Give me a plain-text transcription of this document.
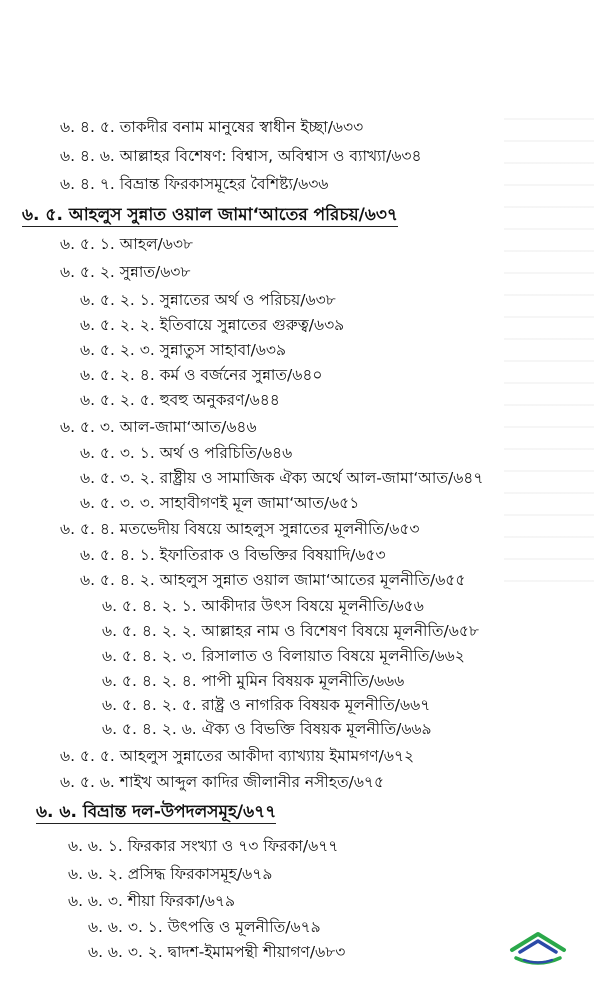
৬. ৪. ৫. তাকদীর বনাম মানুষের স্বাধীন ইচ্ছা/৬৩৩
৬. ৪. ৬. আল্লাহর বিশেষণ: বিশ্বাস, অবিশ্বাস ও ব্যাখ্যা/৬৩৪
৬. ৪. ৭. বিভ্রান্ত ফিরকাসমূহের বৈশিষ্ট্য/৬৩৬
৬. ৫. আহলুস সুন্নাত ওয়াল জামা‘আতের পরিচয়/৬৩৭
৬. ৫. ১. আহল/৬৩৮
৬. ৫. ২. সুন্নাত/৬৩৮
৬. ৫. ২. ১. সুন্নাতের অর্থ ও পরিচয়/৬৩৮
৬. ৫. ২. ২. ইতিবায়ে সুন্নাতের গুরুত্ব/৬৩৯
৬. ৫. ২. ৩. সুন্নাতুস সাহাবা/৬৩৯
৬. ৫. ২. ৪. কর্ম ও বর্জনের সুন্নাত/৬৪০
৬. ৫. ২. ৫. হুবহু অনুকরণ/৬৪৪
৬. ৫. ৩. আল-জামা‘আত/৬৪৬
৬. ৫. ৩. ১. অর্থ ও পরিচিতি/৬৪৬
৬. ৫. ৩. ২. রাষ্ট্রীয় ও সামাজিক ঐক্য অর্থে আল-জামা‘আত/৬৪৭
৬. ৫. ৩. ৩. সাহাবীগণই মূল জামা‘আত/৬৫১
৬. ৫. ৪. মতভেদীয় বিষয়ে আহলুস সুন্নাতের মূলনীতি/৬৫৩
৬. ৫. ৪. ১. ইফাতিরাক ও বিভক্তির বিষয়াদি/৬৫৩
৬. ৫. ৪. ২. আহলুস সুন্নাত ওয়াল জামা‘আতের মূলনীতি/৬৫৫
৬. ৫. ৪. ২. ১. আকীদার উৎস বিষয়ে মূলনীতি/৬৫৬
৬. ৫. ৪. ২. ২. আল্লাহর নাম ও বিশেষণ বিষয়ে মূলনীতি/৬৫৮
৬. ৫. ৪. ২. ৩. রিসালাত ও বিলায়াত বিষয়ে মূলনীতি/৬৬২
৬. ৫. ৪. ২. ৪. পাপী মুমিন বিষয়ক মূলনীতি/৬৬৬
৬. ৫. ৪. ২. ৫. রাষ্ট্র ও নাগরিক বিষয়ক মূলনীতি/৬৬৭
৬. ৫. ৪. ২. ৬. ঐক্য ও বিভক্তি বিষয়ক মূলনীতি/৬৬৯
৬. ৫. ৫. আহলুস সুন্নাতের আকীদা ব্যাখ্যায় ইমামগণ/৬৭২
৬. ৫. ৬. শাইখ আব্দুল কাদির জীলানীর নসীহত/৬৭৫
৬. ৬. বিভ্রান্ত দল-উপদলসমূহ/৬৭৭
৬. ৬. ১. ফিরকার সংখ্যা ও ৭৩ ফিরকা/৬৭৭
৬. ৬. ২. প্রসিদ্ধ ফিরকাসমূহ/৬৭৯
৬. ৬. ৩. শীয়া ফিরকা/৬৭৯
৬. ৬. ৩. ১. উৎপত্তি ও মূলনীতি/৬৭৯
৬. ৬. ৩. ২. দ্বাদশ-ইমামপন্থী শীয়াগণ/৬৮৩
